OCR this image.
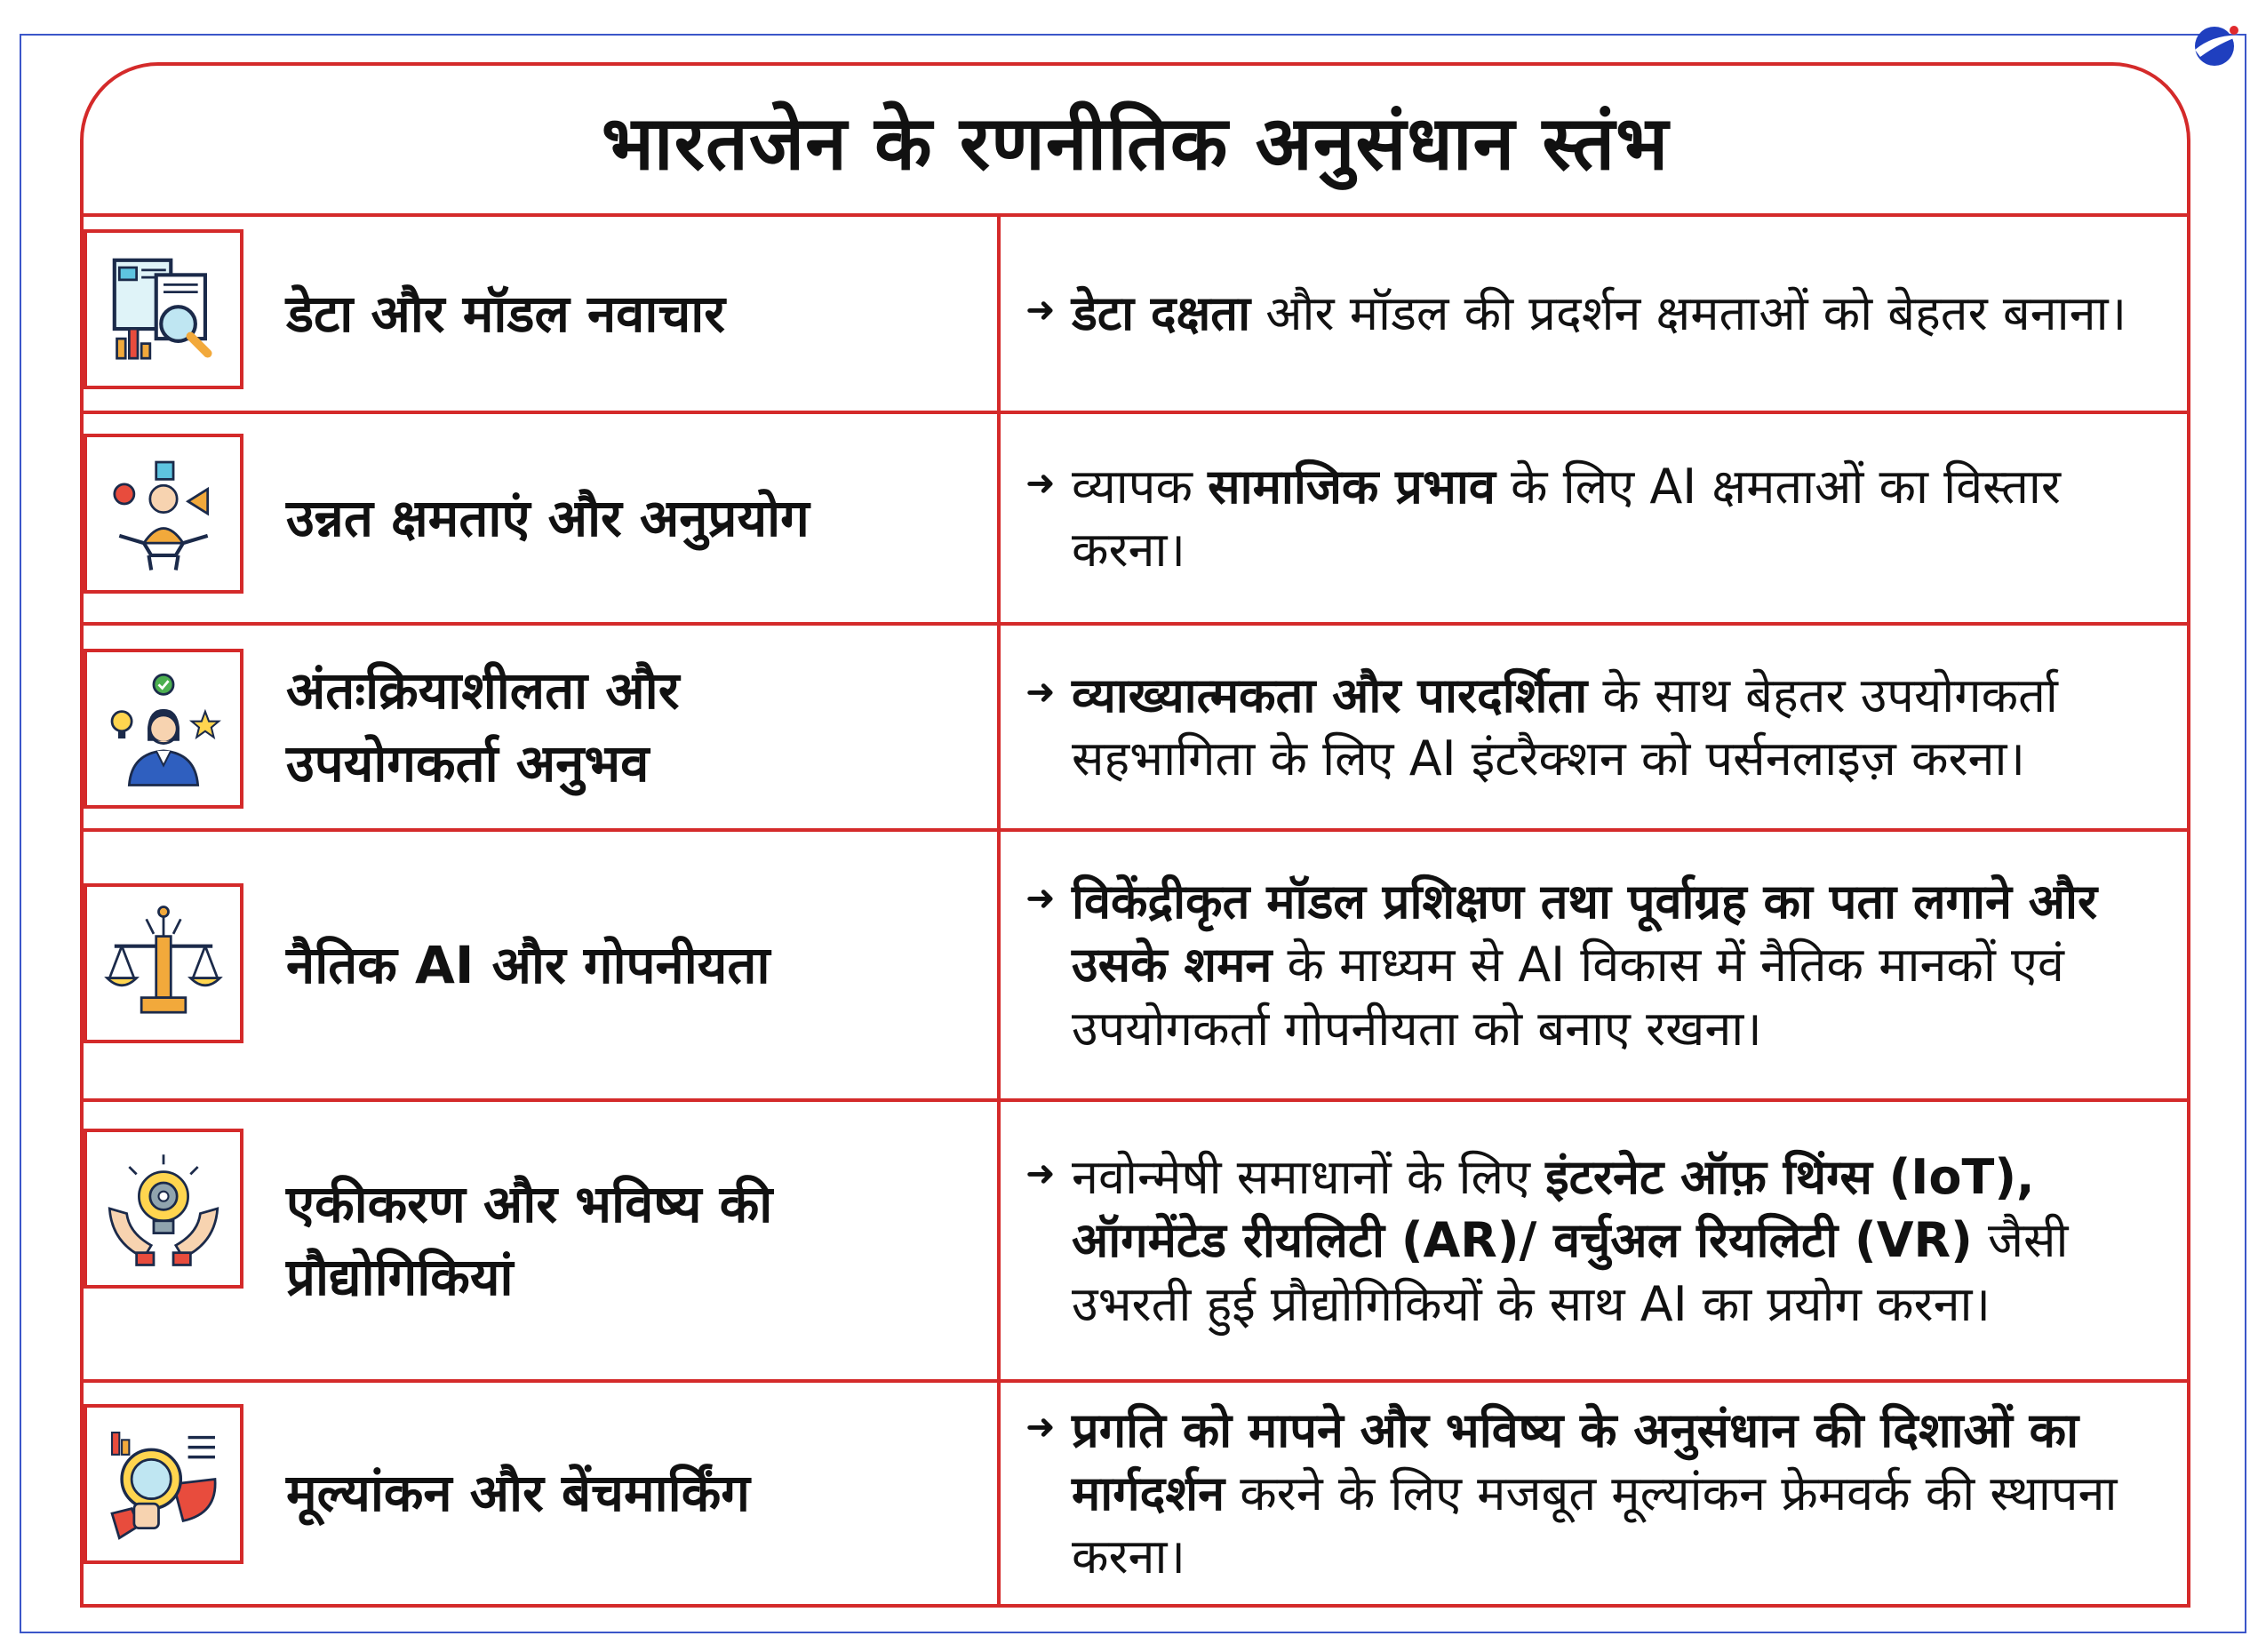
भारतजेन के रणनीतिक अनुसंधान स्तंभ
डेटा और मॉडल नवाचार	➜ डेटा दक्षता और मॉडल की प्रदर्शन क्षमताओं को बेहतर बनाना।

उन्नत क्षमताएं और अनुप्रयोग	➜ व्यापक सामाजिक प्रभाव के लिए AI क्षमताओं का विस्तार करना।

अंतःक्रियाशीलता और उपयोगकर्ता अनुभव	➜ व्याख्यात्मकता और पारदर्शिता के साथ बेहतर उपयोगकर्ता सहभागिता के लिए AI इंटरैक्शन को पर्सनलाइज़ करना।

नैतिक AI और गोपनीयता	➜ विकेंद्रीकृत मॉडल प्रशिक्षण तथा पूर्वाग्रह का पता लगाने और उसके शमन के माध्यम से AI विकास में नैतिक मानकों एवं उपयोगकर्ता गोपनीयता को बनाए रखना।

एकीकरण और भविष्य की प्रौद्योगिकियां	➜ नवोन्मेषी समाधानों के लिए इंटरनेट ऑफ़ थिंग्स (IoT), ऑगमेंटेड रीयलिटी (AR)/ वर्चुअल रियलिटी (VR) जैसी उभरती हुई प्रौद्योगिकियों के साथ AI का प्रयोग करना।

मूल्यांकन और बेंचमार्किंग	➜ प्रगति को मापने और भविष्य के अनुसंधान की दिशाओं का मार्गदर्शन करने के लिए मजबूत मूल्यांकन फ्रेमवर्क की स्थापना करना।
